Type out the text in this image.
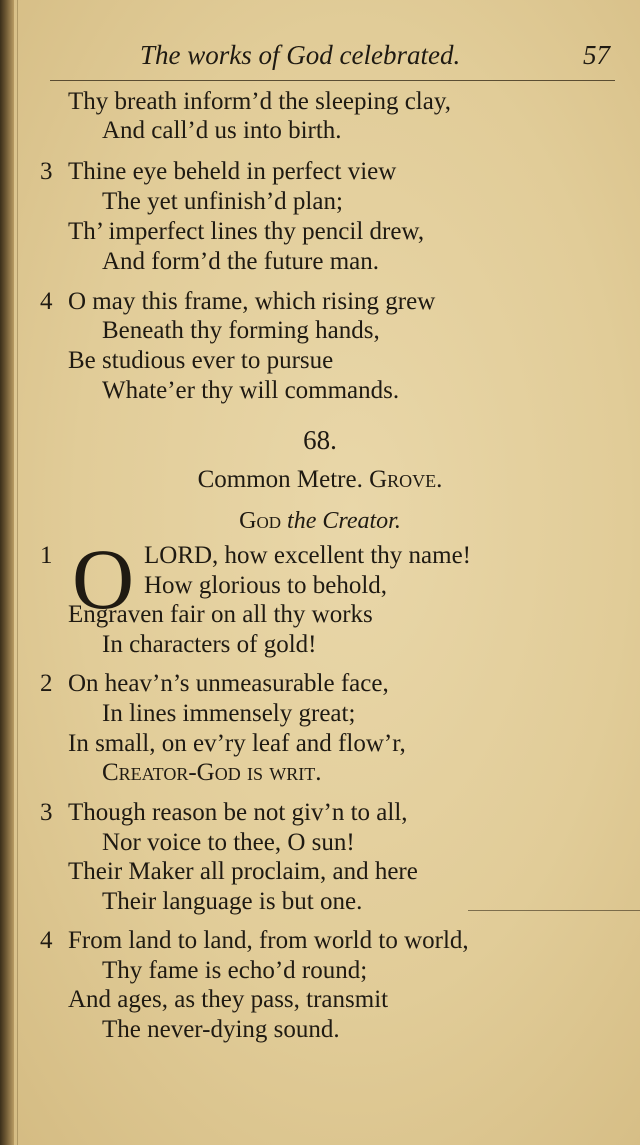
The works of God celebrated.	57
Thy breath inform’d the sleeping clay,
And call’d us into birth.
3 Thine eye beheld in perfect view
The yet unfinish’d plan;
Th’ imperfect lines thy pencil drew,
And form’d the future man.
4 O may this frame, which rising grew
Beneath thy forming hands,
Be studious ever to pursue
Whate’er thy will commands.
68.
Common Metre. Grove.
God the Creator.
1 O LORD, how excellent thy name!
How glorious to behold,
Engraven fair on all thy works
In characters of gold!
2 On heav’n’s unmeasurable face,
In lines immensely great;
In small, on ev’ry leaf and flow’r,
Creator-God is writ.
3 Though reason be not giv’n to all,
Nor voice to thee, O sun!
Their Maker all proclaim, and here
Their language is but one.
4 From land to land, from world to world,
Thy fame is echo’d round;
And ages, as they pass, transmit
The never-dying sound.
